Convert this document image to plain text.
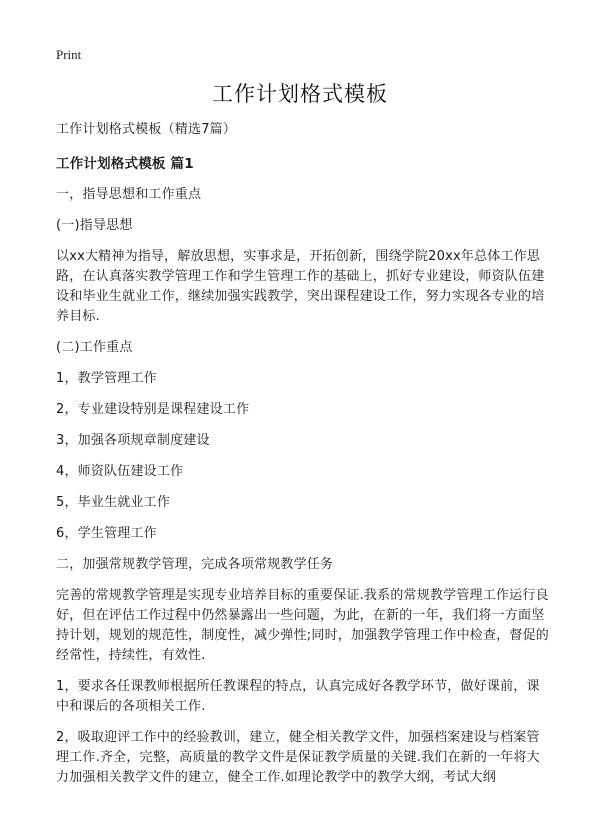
Print
工作计划格式模板

工作计划格式模板（精选7篇）

工作计划格式模板 篇1

一，指导思想和工作重点

(一)指导思想

以xx大精神为指导，解放思想，实事求是，开拓创新，围绕学院20xx年总体工作思路，在认真落实教学管理工作和学生管理工作的基础上，抓好专业建设，师资队伍建设和毕业生就业工作，继续加强实践教学，突出课程建设工作，努力实现各专业的培养目标.

(二)工作重点

1，教学管理工作

2，专业建设特别是课程建设工作

3，加强各项规章制度建设

4，师资队伍建设工作

5，毕业生就业工作

6，学生管理工作

二，加强常规教学管理，完成各项常规教学任务

完善的常规教学管理是实现专业培养目标的重要保证.我系的常规教学管理工作运行良好，但在评估工作过程中仍然暴露出一些问题，为此，在新的一年，我们将一方面坚持计划，规划的规范性，制度性，减少弹性;同时，加强教学管理工作中检查，督促的经常性，持续性，有效性.

1，要求各任课教师根据所任教课程的特点，认真完成好各教学环节，做好课前，课中和课后的各项相关工作.

2，吸取迎评工作中的经验教训，建立，健全相关教学文件，加强档案建设与档案管理工作.齐全，完整，高质量的教学文件是保证教学质量的关键.我们在新的一年将大力加强相关教学文件的建立，健全工作.如理论教学中的教学大纲，考试大纲
